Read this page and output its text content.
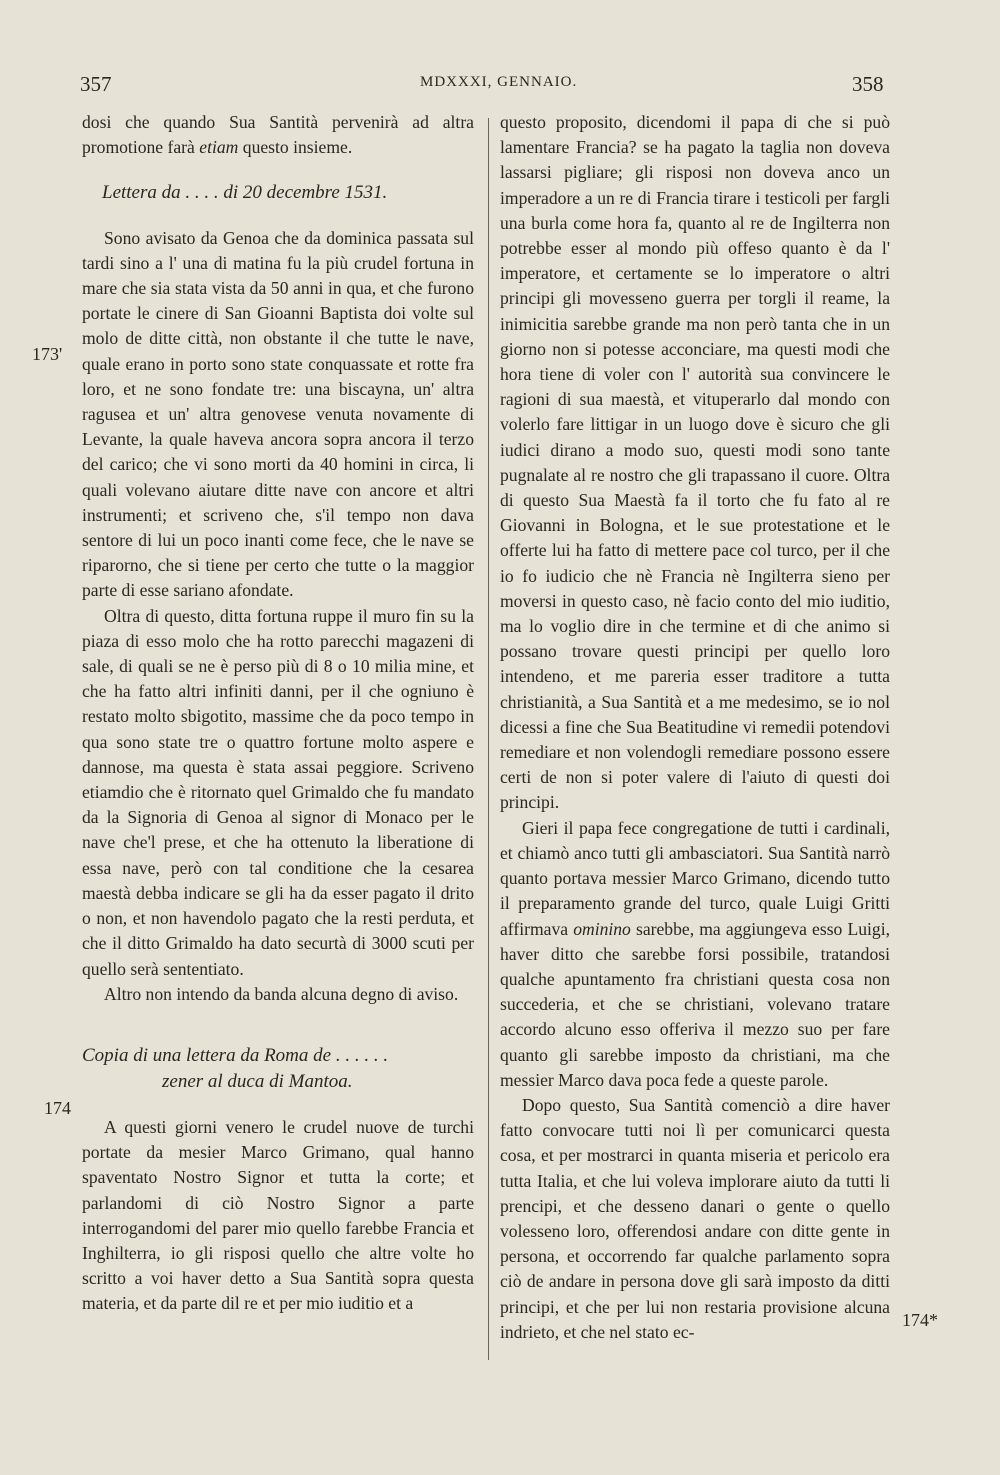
357	MDXXXI, GENNAIO.	358
173'
174
174*

dosi che quando Sua Santità pervenirà ad altra promotione farà etiam questo insieme.

Lettera da . . . . di 20 decembre 1531.

Sono avisato da Genoa che da dominica passata sul tardi sino a l' una di matina fu la più crudel fortuna in mare che sia stata vista da 50 anni in qua, et che furono portate le cinere di San Gioanni Baptista doi volte sul molo de ditte città, non obstante il che tutte le nave, quale erano in porto sono state conquassate et rotte fra loro, et ne sono fondate tre: una biscayna, un' altra ragusea et un' altra genovese venuta novamente di Levante, la quale haveva ancora sopra ancora il terzo del carico; che vi sono morti da 40 homini in circa, li quali volevano aiutare ditte nave con ancore et altri instrumenti; et scriveno che, s'il tempo non dava sentore di lui un poco inanti come fece, che le nave se riparorno, che si tiene per certo che tutte o la maggior parte di esse sariano afondate.

Oltra di questo, ditta fortuna ruppe il muro fin su la piaza di esso molo che ha rotto parecchi magazeni di sale, di quali se ne è perso più di 8 o 10 milia mine, et che ha fatto altri infiniti danni, per il che ogniuno è restato molto sbigotito, massime che da poco tempo in qua sono state tre o quattro fortune molto aspere e dannose, ma questa è stata assai peggiore. Scriveno etiamdio che è ritornato quel Grimaldo che fu mandato da la Signoria di Genoa al signor di Monaco per le nave che'l prese, et che ha ottenuto la liberatione di essa nave, però con tal conditione che la cesarea maestà debba indicare se gli ha da esser pagato il drito o non, et non havendolo pagato che la resti perduta, et che il ditto Grimaldo ha dato securtà di 3000 scuti per quello serà sententiato.

Altro non intendo da banda alcuna degno di aviso.

Copia di una lettera da Roma de . . . . . .
zener al duca di Mantoa.

A questi giorni venero le crudel nuove de turchi portate da mesier Marco Grimano, qual hanno spaventato Nostro Signor et tutta la corte; et parlandomi di ciò Nostro Signor a parte interrogandomi del parer mio quello farebbe Francia et Inghilterra, io gli risposi quello che altre volte ho scritto a voi haver detto a Sua Santità sopra questa materia, et da parte dil re et per mio iuditio et a

questo proposito, dicendomi il papa di che si può lamentare Francia? se ha pagato la taglia non doveva lassarsi pigliare; gli risposi non doveva anco un imperadore a un re di Francia tirare i testicoli per fargli una burla come hora fa, quanto al re de Ingilterra non potrebbe esser al mondo più offeso quanto è da l' imperatore, et certamente se lo imperatore o altri principi gli movesseno guerra per torgli il reame, la inimicitia sarebbe grande ma non però tanta che in un giorno non si potesse acconciare, ma questi modi che hora tiene di voler con l' autorità sua convincere le ragioni di sua maestà, et vituperarlo dal mondo con volerlo fare littigar in un luogo dove è sicuro che gli iudici dirano a modo suo, questi modi sono tante pugnalate al re nostro che gli trapassano il cuore. Oltra di questo Sua Maestà fa il torto che fu fato al re Giovanni in Bologna, et le sue protestatione et le offerte lui ha fatto di mettere pace col turco, per il che io fo iudicio che nè Francia nè Ingilterra sieno per moversi in questo caso, nè facio conto del mio iuditio, ma lo voglio dire in che termine et di che animo si possano trovare questi principi per quello loro intendeno, et me pareria esser traditore a tutta christianità, a Sua Santità et a me medesimo, se io nol dicessi a fine che Sua Beatitudine vi remedii potendovi remediare et non volendogli remediare possono essere certi de non si poter valere di l'aiuto di questi doi principi.

Gieri il papa fece congregatione de tutti i cardinali, et chiamò anco tutti gli ambasciatori. Sua Santità narrò quanto portava messier Marco Grimano, dicendo tutto il preparamento grande del turco, quale Luigi Gritti affirmava ominino sarebbe, ma aggiungeva esso Luigi, haver ditto che sarebbe forsi possibile, tratandosi qualche apuntamento fra christiani questa cosa non succederia, et che se christiani, volevano tratare accordo alcuno esso offeriva il mezzo suo per fare quanto gli sarebbe imposto da christiani, ma che messier Marco dava poca fede a queste parole.

Dopo questo, Sua Santità comenciò a dire haver fatto convocare tutti noi lì per comunicarci questa cosa, et per mostrarci in quanta miseria et pericolo era tutta Italia, et che lui voleva implorare aiuto da tutti li prencipi, et che desseno danari o gente o quello volesseno loro, offerendosi andare con ditte gente in persona, et occorrendo far qualche parlamento sopra ciò de andare in persona dove gli sarà imposto da ditti principi, et che per lui non restaria provisione alcuna indrieto, et che nel stato ec-
